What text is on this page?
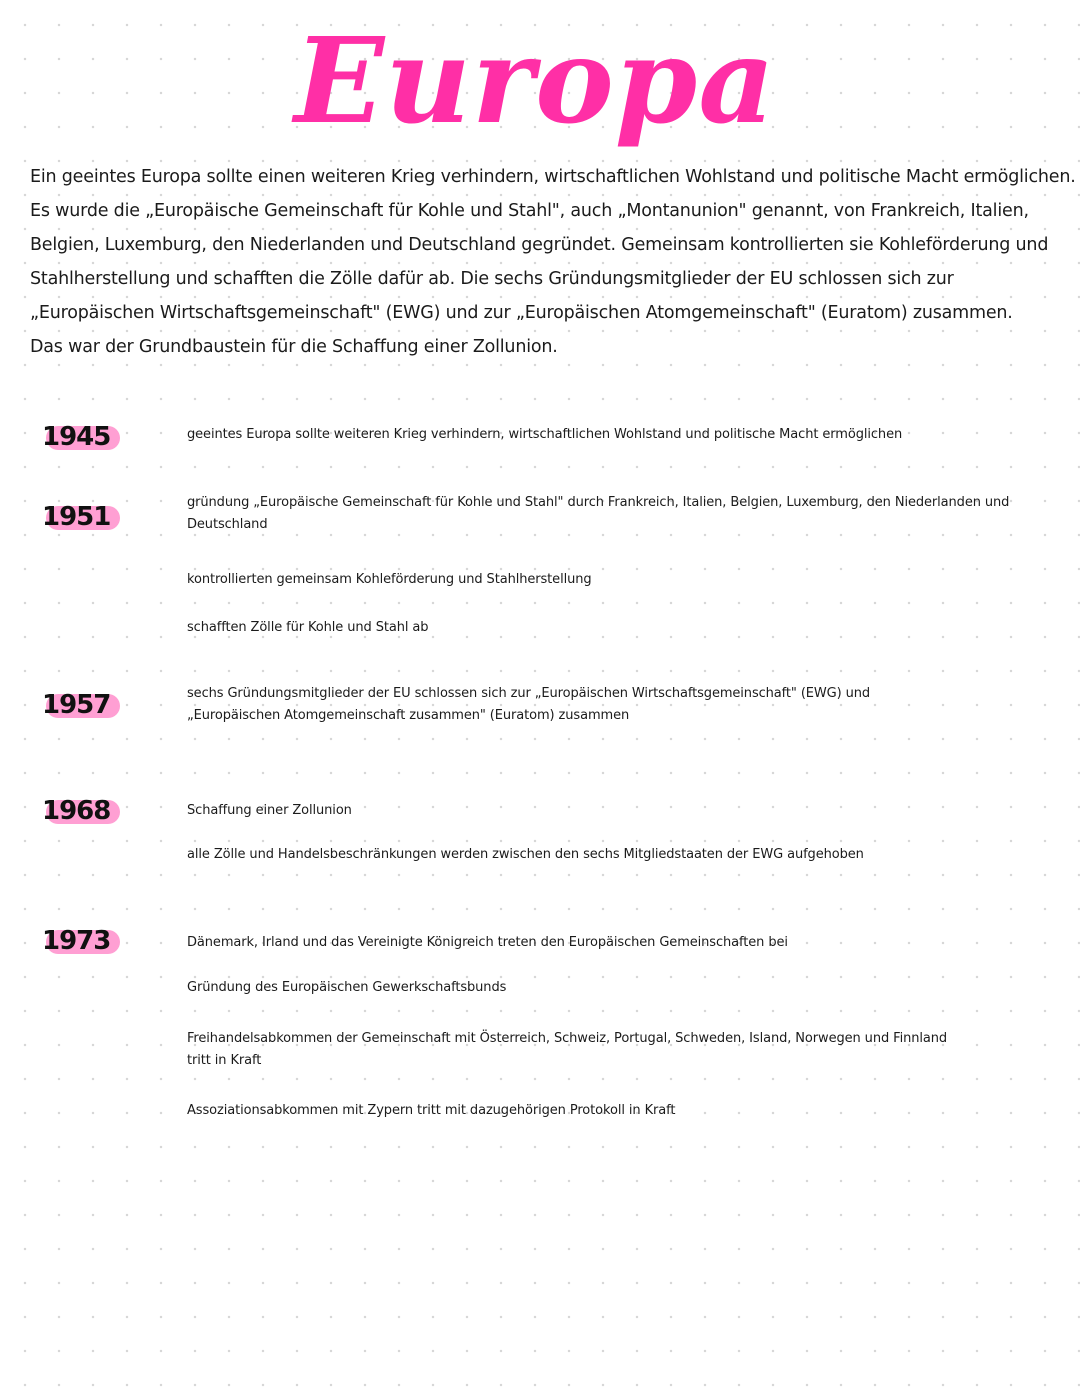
Europa
Ein geeintes Europa sollte einen weiteren Krieg verhindern, wirtschaftlichen Wohlstand und politische Macht ermöglichen.
Es wurde die „Europäische Gemeinschaft für Kohle und Stahl", auch „Montanunion" genannt, von Frankreich, Italien,
Belgien, Luxemburg, den Niederlanden und Deutschland gegründet. Gemeinsam kontrollierten sie Kohleförderung und
Stahlherstellung und schafften die Zölle dafür ab. Die sechs Gründungsmitglieder der EU schlossen sich zur
„Europäischen Wirtschaftsgemeinschaft" (EWG) und zur „Europäischen Atomgemeinschaft" (Euratom) zusammen.
Das war der Grundbaustein für die Schaffung einer Zollunion.
1945	geeintes Europa sollte weiteren Krieg verhindern, wirtschaftlichen Wohlstand und politische Macht ermöglichen
1951	gründung „Europäische Gemeinschaft für Kohle und Stahl" durch Frankreich, Italien, Belgien, Luxemburg, den Niederlanden und Deutschland
kontrollierten gemeinsam Kohleförderung und Stahlherstellung
schafften Zölle für Kohle und Stahl ab
1957	sechs Gründungsmitglieder der EU schlossen sich zur „Europäischen Wirtschaftsgemeinschaft" (EWG) und „Europäischen Atomgemeinschaft zusammen" (Euratom) zusammen
1968	Schaffung einer Zollunion
alle Zölle und Handelsbeschränkungen werden zwischen den sechs Mitgliedstaaten der EWG aufgehoben
1973	Dänemark, Irland und das Vereinigte Königreich treten den Europäischen Gemeinschaften bei
Gründung des Europäischen Gewerkschaftsbunds
Freihandelsabkommen der Gemeinschaft mit Österreich, Schweiz, Portugal, Schweden, Island, Norwegen und Finnland tritt in Kraft
Assoziationsabkommen mit Zypern tritt mit dazugehörigen Protokoll in Kraft
